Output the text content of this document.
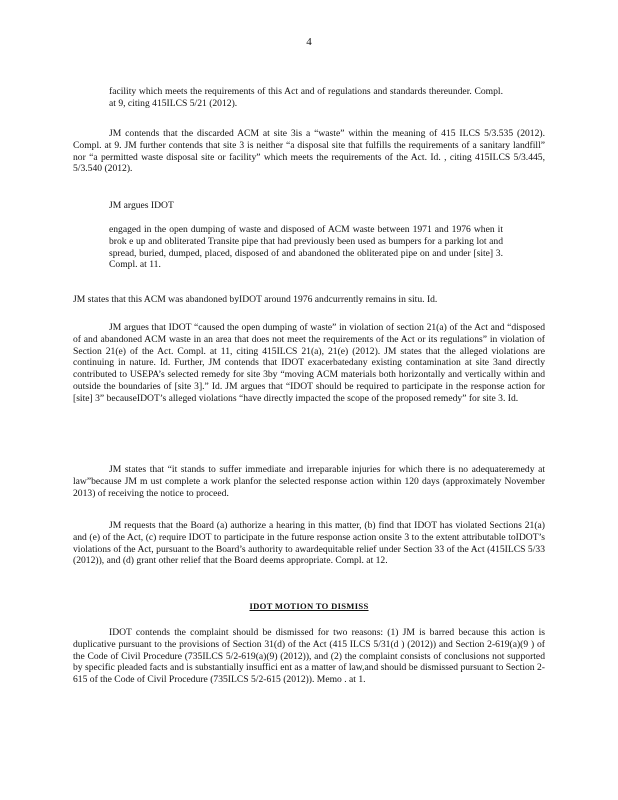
4

facility which meets the requirements of this Act and of regulations and standards thereunder. Compl. at 9, citing 415ILCS 5/21 (2012).

JM contends that the discarded ACM at site 3is a “waste” within the meaning of 415 ILCS 5/3.535 (2012). Compl. at 9. JM further contends that site 3 is neither “a disposal site that fulfills the requirements of a sanitary landfill” nor “a permitted waste disposal site or facility” which meets the requirements of the Act. Id. , citing 415ILCS 5/3.445, 5/3.540 (2012).

JM argues IDOT

engaged in the open dumping of waste and disposed of ACM waste between 1971 and 1976 when it brok e up and obliterated Transite pipe that had previously been used as bumpers for a parking lot and spread, buried, dumped, placed, disposed of and abandoned the obliterated pipe on and under [site] 3. Compl. at 11.

JM states that this ACM was abandoned byIDOT around 1976 andcurrently remains in situ. Id.

JM argues that IDOT “caused the open dumping of waste” in violation of section 21(a) of the Act and “disposed of and abandoned ACM waste in an area that does not meet the requirements of the Act or its regulations” in violation of Section 21(e) of the Act. Compl. at 11, citing 415ILCS 21(a), 21(e) (2012). JM states that the alleged violations are continuing in nature. Id. Further, JM contends that IDOT exacerbatedany existing contamination at site 3and directly contributed to USEPA’s selected remedy for site 3by “moving ACM materials both horizontally and vertically within and outside the boundaries of [site 3].” Id. JM argues that “IDOT should be required to participate in the response action for [site] 3” becauseIDOT’s alleged violations “have directly impacted the scope of the proposed remedy” for site 3. Id.

JM states that “it stands to suffer immediate and irreparable injuries for which there is no adequateremedy at law”because JM m ust complete a work planfor the selected response action within 120 days (approximately November 2013) of receiving the notice to proceed.

JM requests that the Board (a) authorize a hearing in this matter, (b) find that IDOT has violated Sections 21(a) and (e) of the Act, (c) require IDOT to participate in the future response action onsite 3 to the extent attributable toIDOT’s violations of the Act, pursuant to the Board’s authority to awardequitable relief under Section 33 of the Act (415ILCS 5/33 (2012)), and (d) grant other relief that the Board deems appropriate. Compl. at 12.

IDOT MOTION TO DISMISS

IDOT contends the complaint should be dismissed for two reasons: (1) JM is barred because this action is duplicative pursuant to the provisions of Section 31(d) of the Act (415 ILCS 5/31(d ) (2012)) and Section 2-619(a)(9 ) of the Code of Civil Procedure (735ILCS 5/2-619(a)(9) (2012)), and (2) the complaint consists of conclusions not supported by specific pleaded facts and is substantially insuffici ent as a matter of law,and should be dismissed pursuant to Section 2-615 of the Code of Civil Procedure (735ILCS 5/2-615 (2012)). Memo . at 1.
